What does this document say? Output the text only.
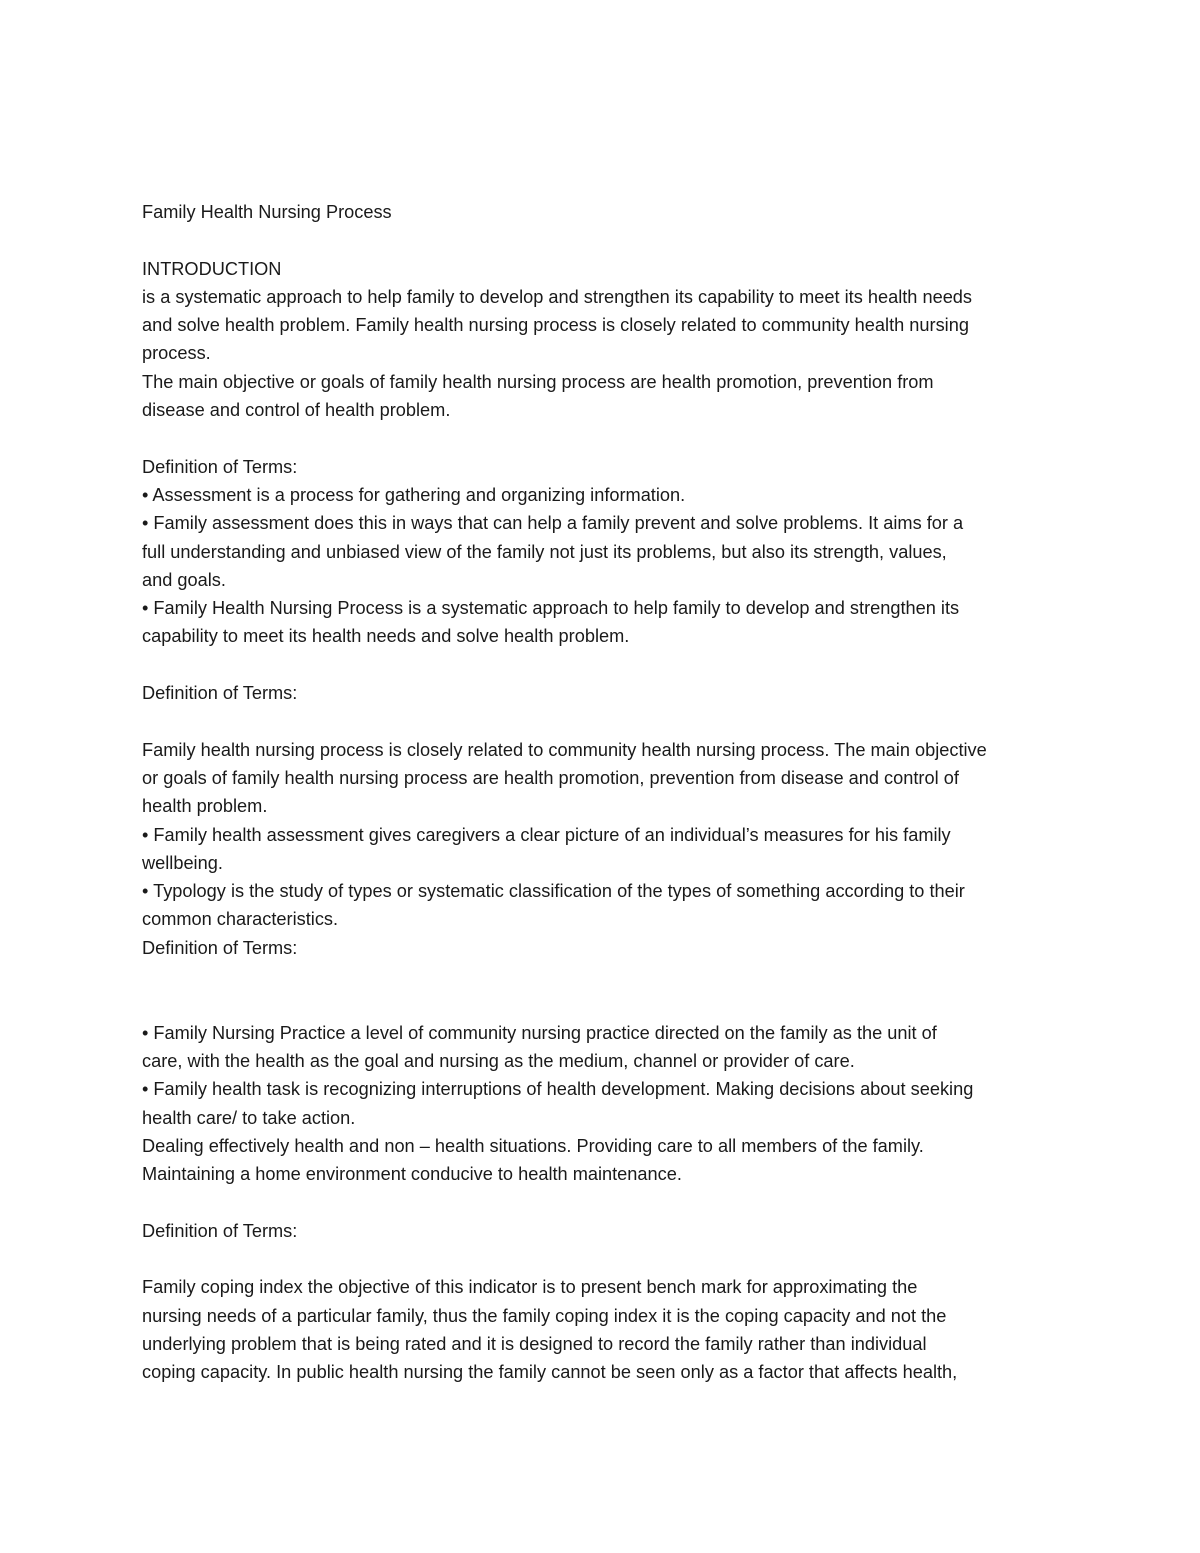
Family Health Nursing Process
INTRODUCTION
is a systematic approach to help family to develop and strengthen its capability to meet its health needs
and solve health problem. Family health nursing process is closely related to community health nursing
process.
The main objective or goals of family health nursing process are health promotion, prevention from
disease and control of health problem.
Definition of Terms:
• Assessment is a process for gathering and organizing information.
• Family assessment does this in ways that can help a family prevent and solve problems. It aims for a
full understanding and unbiased view of the family not just its problems, but also its strength, values,
and goals.
• Family Health Nursing Process is a systematic approach to help family to develop and strengthen its
capability to meet its health needs and solve health problem.
Definition of Terms:
Family health nursing process is closely related to community health nursing process. The main objective
or goals of family health nursing process are health promotion, prevention from disease and control of
health problem.
• Family health assessment gives caregivers a clear picture of an individual’s measures for his family
wellbeing.
• Typology is the study of types or systematic classification of the types of something according to their
common characteristics.
Definition of Terms:
• Family Nursing Practice a level of community nursing practice directed on the family as the unit of
care, with the health as the goal and nursing as the medium, channel or provider of care.
• Family health task is recognizing interruptions of health development. Making decisions about seeking
health care/ to take action.
Dealing effectively health and non – health situations. Providing care to all members of the family.
Maintaining a home environment conducive to health maintenance.
Definition of Terms:
Family coping index the objective of this indicator is to present bench mark for approximating the
nursing needs of a particular family, thus the family coping index it is the coping capacity and not the
underlying problem that is being rated and it is designed to record the family rather than individual
coping capacity. In public health nursing the family cannot be seen only as a factor that affects health,
